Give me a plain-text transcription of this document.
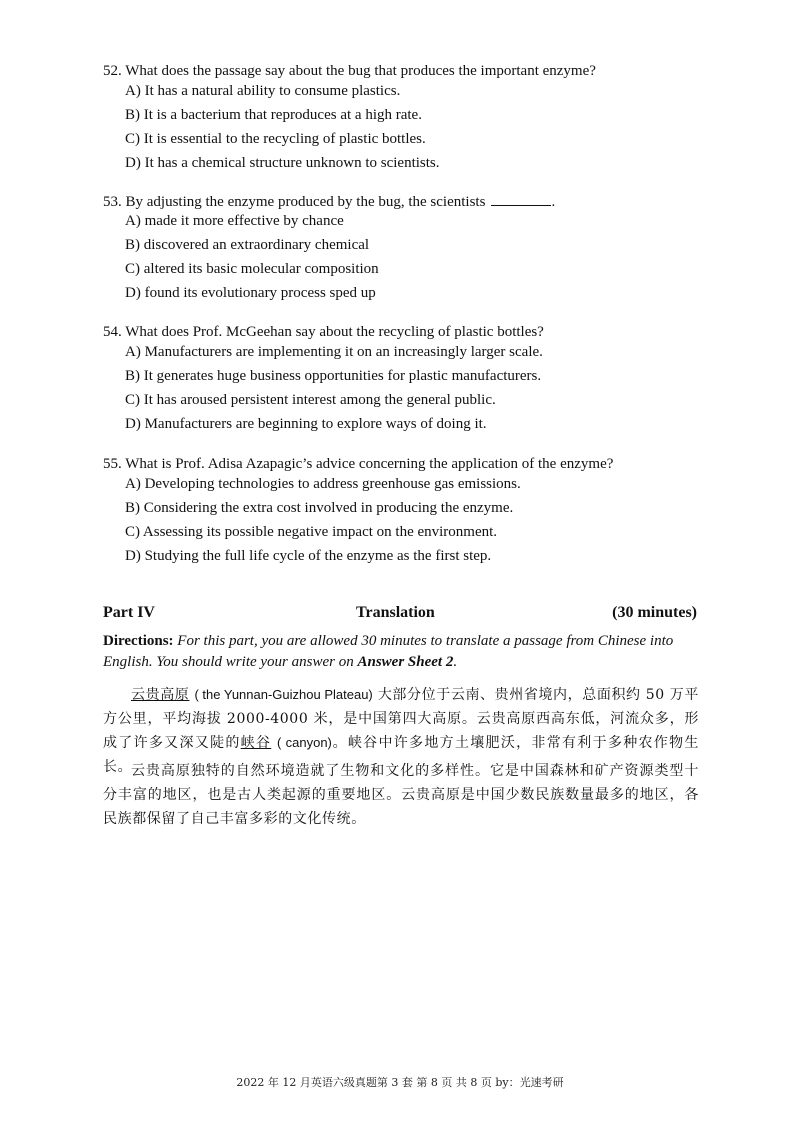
52. What does the passage say about the bug that produces the important enzyme?
A) It has a natural ability to consume plastics.
B) It is a bacterium that reproduces at a high rate.
C) It is essential to the recycling of plastic bottles.
D) It has a chemical structure unknown to scientists.
53. By adjusting the enzyme produced by the bug, the scientists	.
A) made it more effective by chance
B) discovered an extraordinary chemical
C) altered its basic molecular composition
D) found its evolutionary process sped up
54. What does Prof. McGeehan say about the recycling of plastic bottles?
A) Manufacturers are implementing it on an increasingly larger scale.
B) It generates huge business opportunities for plastic manufacturers.
C) It has aroused persistent interest among the general public.
D) Manufacturers are beginning to explore ways of doing it.
55. What is Prof. Adisa Azapagic’s advice concerning the application of the enzyme?
A) Developing technologies to address greenhouse gas emissions.
B) Considering the extra cost involved in producing the enzyme.
C) Assessing its possible negative impact on the environment.
D) Studying the full life cycle of the enzyme as the first step.
Part IV	Translation	(30 minutes)
Directions: For this part, you are allowed 30 minutes to translate a passage from Chinese into English. You should write your answer on Answer Sheet 2.
云贵高原 ( the Yunnan-Guizhou Plateau) 大部分位于云南、贵州省境内，总面积约 50 万平方公里，平均海拔 2000-4000 米，是中国第四大高原。云贵高原西高东低，河流众多，形成了许多又深又陡的峡谷 ( canyon)。峡谷中许多地方土壤肥沃，非常有利于多种农作物生长。
云贵高原独特的自然环境造就了生物和文化的多样性。它是中国森林和矿产资源类型十分丰富的地区，也是古人类起源的重要地区。云贵高原是中国少数民族数量最多的地区，各民族都保留了自己丰富多彩的文化传统。
2022 年 12 月英语六级真题第 3 套 第 8 页 共 8 页 by：光速考研
